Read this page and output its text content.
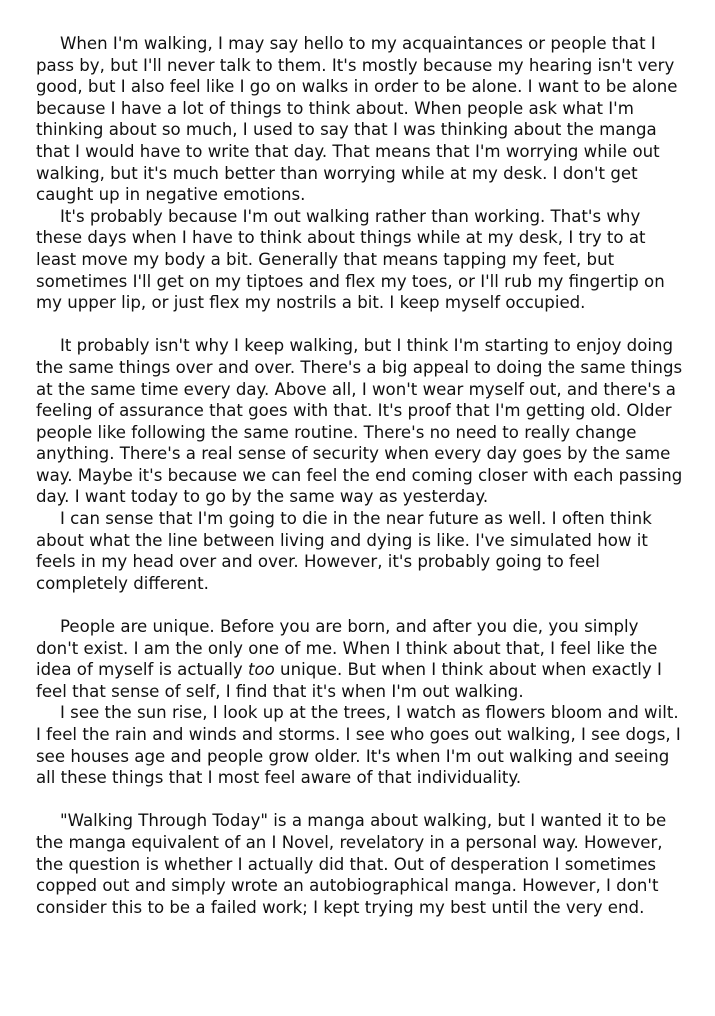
When I'm walking, I may say hello to my acquaintances or people that I pass by, but I'll never talk to them. It's mostly because my hearing isn't very good, but I also feel like I go on walks in order to be alone. I want to be alone because I have a lot of things to think about. When people ask what I'm thinking about so much, I used to say that I was thinking about the manga that I would have to write that day. That means that I'm worrying while out walking, but it's much better than worrying while at my desk. I don't get caught up in negative emotions.

It's probably because I'm out walking rather than working. That's why these days when I have to think about things while at my desk, I try to at least move my body a bit. Generally that means tapping my feet, but sometimes I'll get on my tiptoes and flex my toes, or I'll rub my fingertip on my upper lip, or just flex my nostrils a bit. I keep myself occupied.

It probably isn't why I keep walking, but I think I'm starting to enjoy doing the same things over and over. There's a big appeal to doing the same things at the same time every day. Above all, I won't wear myself out, and there's a feeling of assurance that goes with that. It's proof that I'm getting old. Older people like following the same routine. There's no need to really change anything. There's a real sense of security when every day goes by the same way. Maybe it's because we can feel the end coming closer with each passing day. I want today to go by the same way as yesterday.

I can sense that I'm going to die in the near future as well. I often think about what the line between living and dying is like. I've simulated how it feels in my head over and over. However, it's probably going to feel completely different.

People are unique. Before you are born, and after you die, you simply don't exist. I am the only one of me. When I think about that, I feel like the idea of myself is actually too unique. But when I think about when exactly I feel that sense of self, I find that it's when I'm out walking.

I see the sun rise, I look up at the trees, I watch as flowers bloom and wilt. I feel the rain and winds and storms. I see who goes out walking, I see dogs, I see houses age and people grow older. It's when I'm out walking and seeing all these things that I most feel aware of that individuality.

"Walking Through Today" is a manga about walking, but I wanted it to be the manga equivalent of an I Novel, revelatory in a personal way. However, the question is whether I actually did that. Out of desperation I sometimes copped out and simply wrote an autobiographical manga. However, I don't consider this to be a failed work; I kept trying my best until the very end.
